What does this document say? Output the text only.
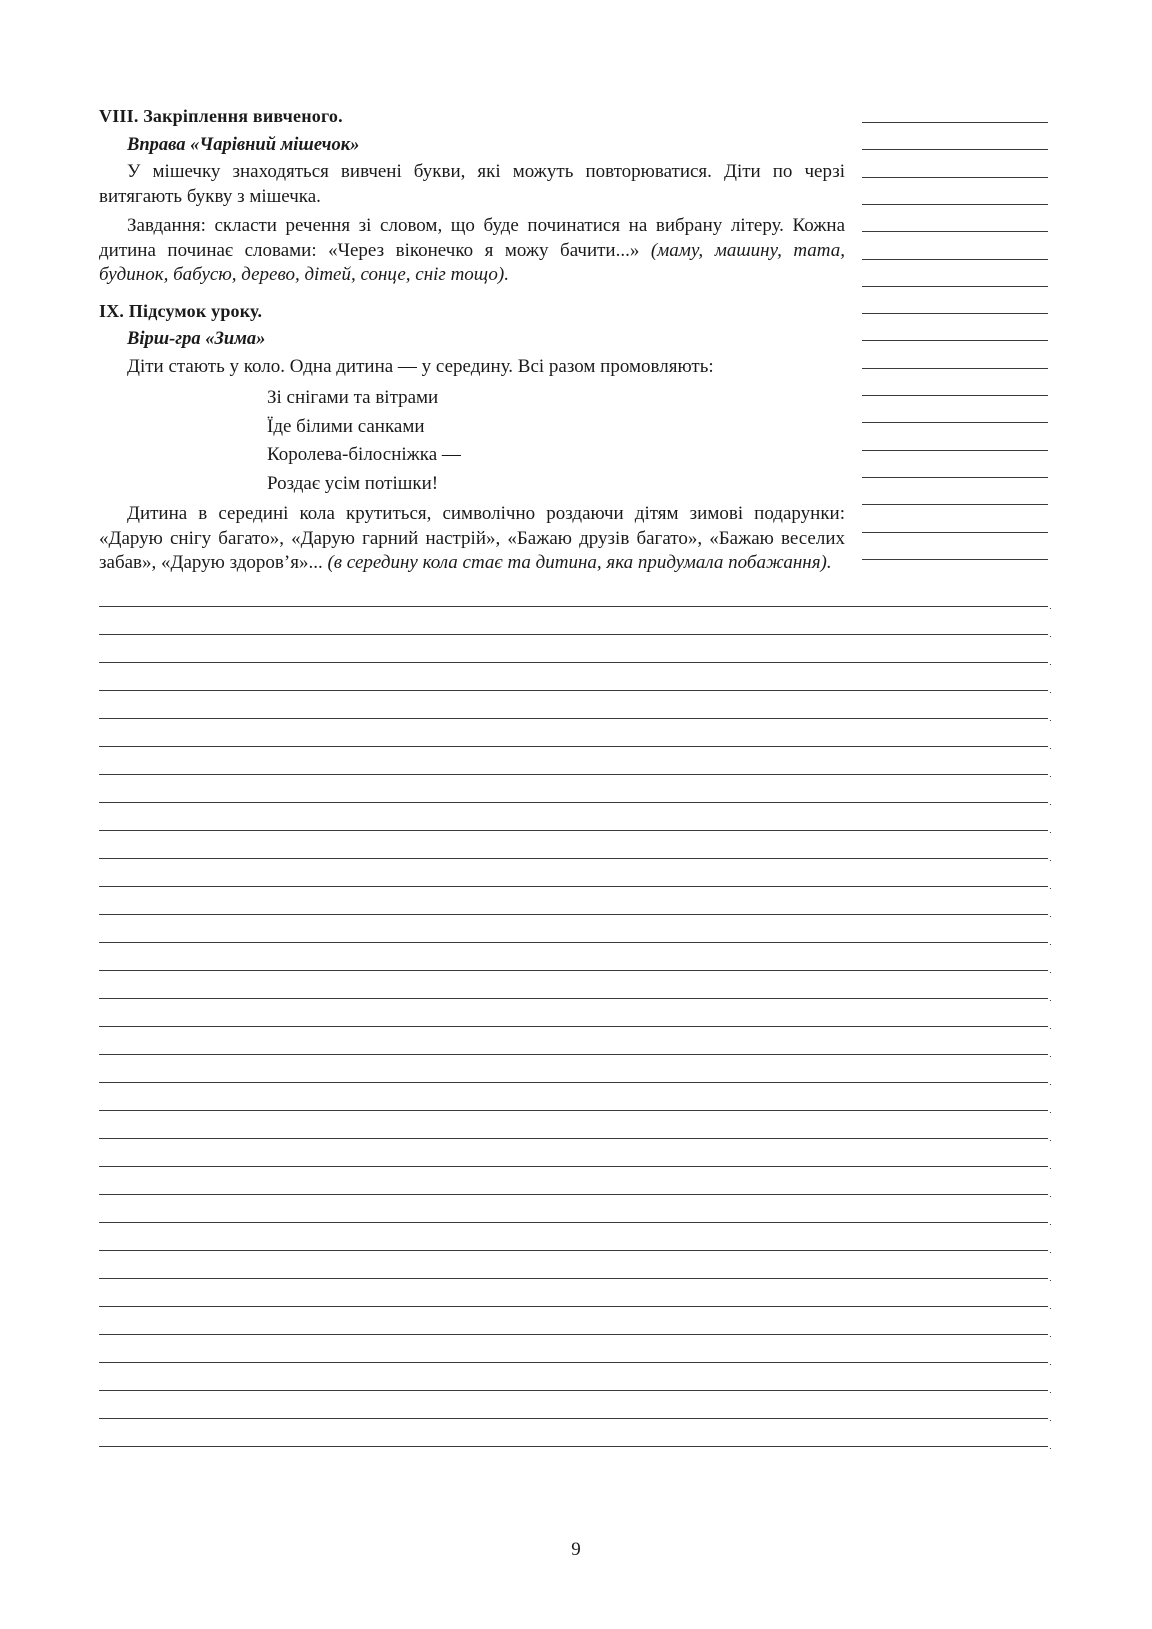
VIII. Закріплення вивченого.
Вправа «Чарівний мішечок»

У мішечку знаходяться вивчені букви, які можуть повторюватися. Діти по черзі витягають букву з мішечка.

Завдання: скласти речення зі словом, що буде починатися на вибрану літеру. Кожна дитина починає словами: «Через віконечко я можу бачити...» (маму, машину, тата, будинок, бабусю, дерево, дітей, сонце, сніг тощо).

IX. Підсумок уроку.
Вірш-гра «Зима»

Діти стають у коло. Одна дитина — у середину. Всі разом промовляють:

Зі снігами та вітрами
Їде білими санками
Королева-білосніжка —
Роздає усім потішки!

Дитина в середині кола крутиться, символічно роздаючи дітям зимові подарунки: «Дарую снігу багато», «Дарую гарний настрій», «Бажаю друзів багато», «Бажаю веселих забав», «Дарую здоров’я»... (в середину кола стає та дитина, яка придумала побажання).

9
